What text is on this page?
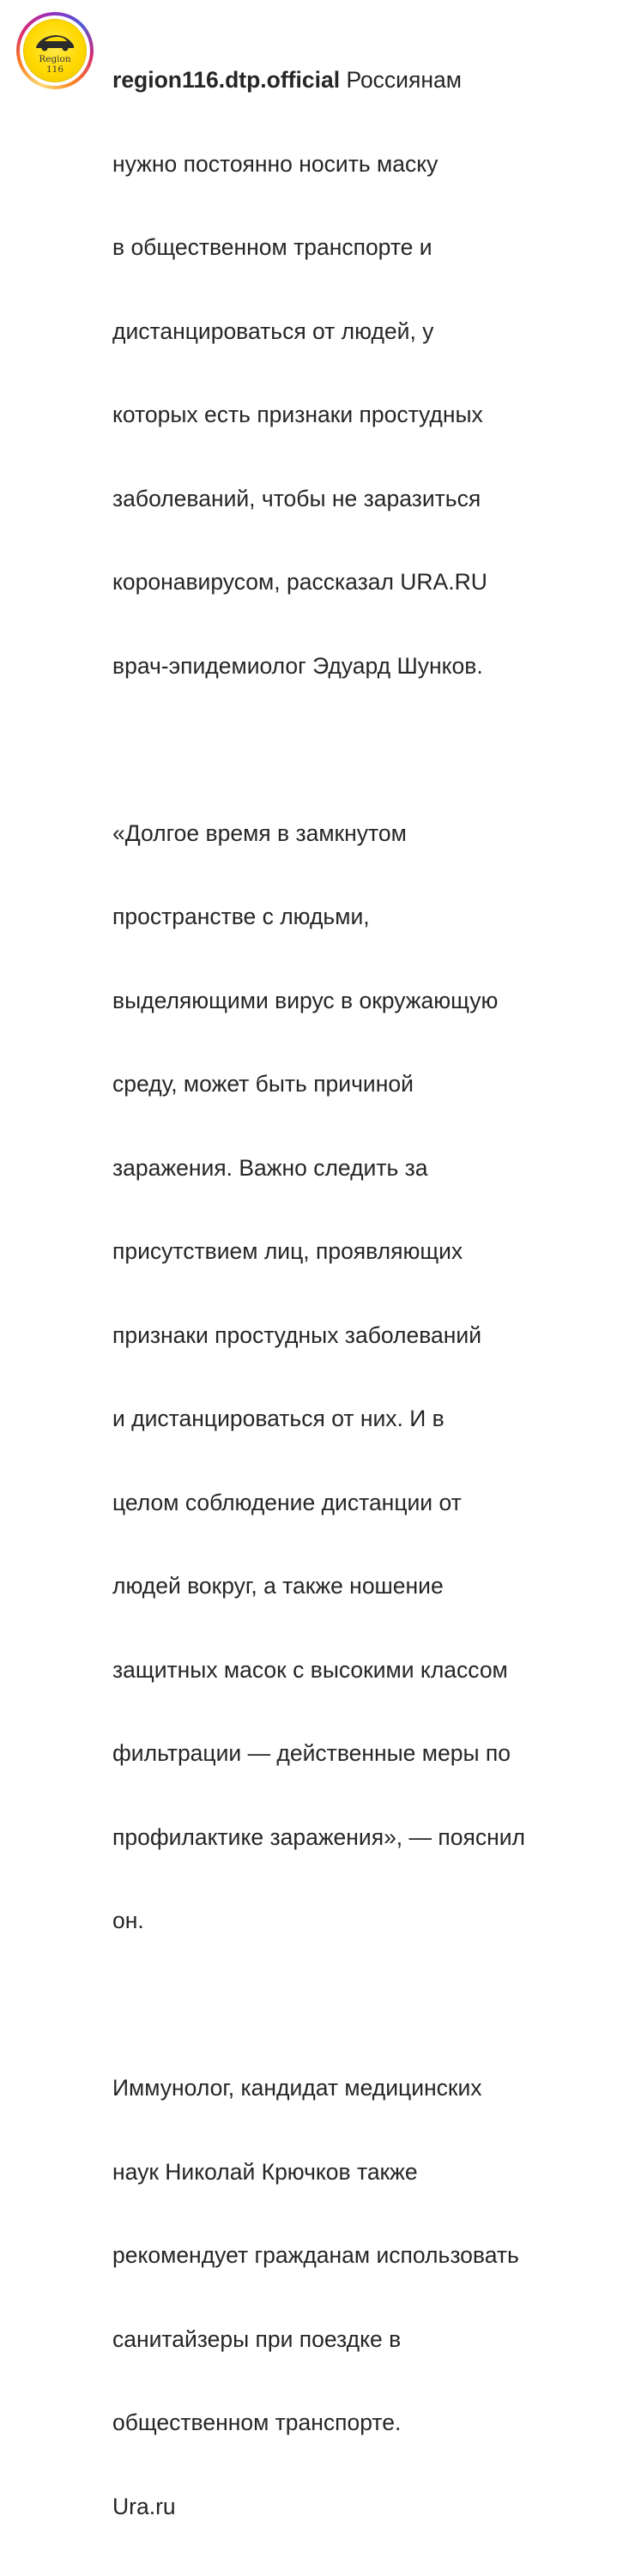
Region
116

	region116.dtp.official Россиянам

нужно постоянно носить маску

в общественном транспорте и

дистанцироваться от людей, у

которых есть признаки простудных

заболеваний, чтобы не заразиться

коронавирусом, рассказал URA.RU

врач-эпидемиолог Эдуард Шунков.

«Долгое время в замкнутом

пространстве с людьми,

выделяющими вирус в окружающую

среду, может быть причиной

заражения. Важно следить за

присутствием лиц, проявляющих

признаки простудных заболеваний

и дистанцироваться от них. И в

целом соблюдение дистанции от

людей вокруг, а также ношение

защитных масок с высокими классом

фильтрации — действенные меры по

профилактике заражения», — пояснил

он.

Иммунолог, кандидат медицинских

наук Николай Крючков также

рекомендует гражданам использовать

санитайзеры при поездке в

общественном транспорте.

Ura.ru
